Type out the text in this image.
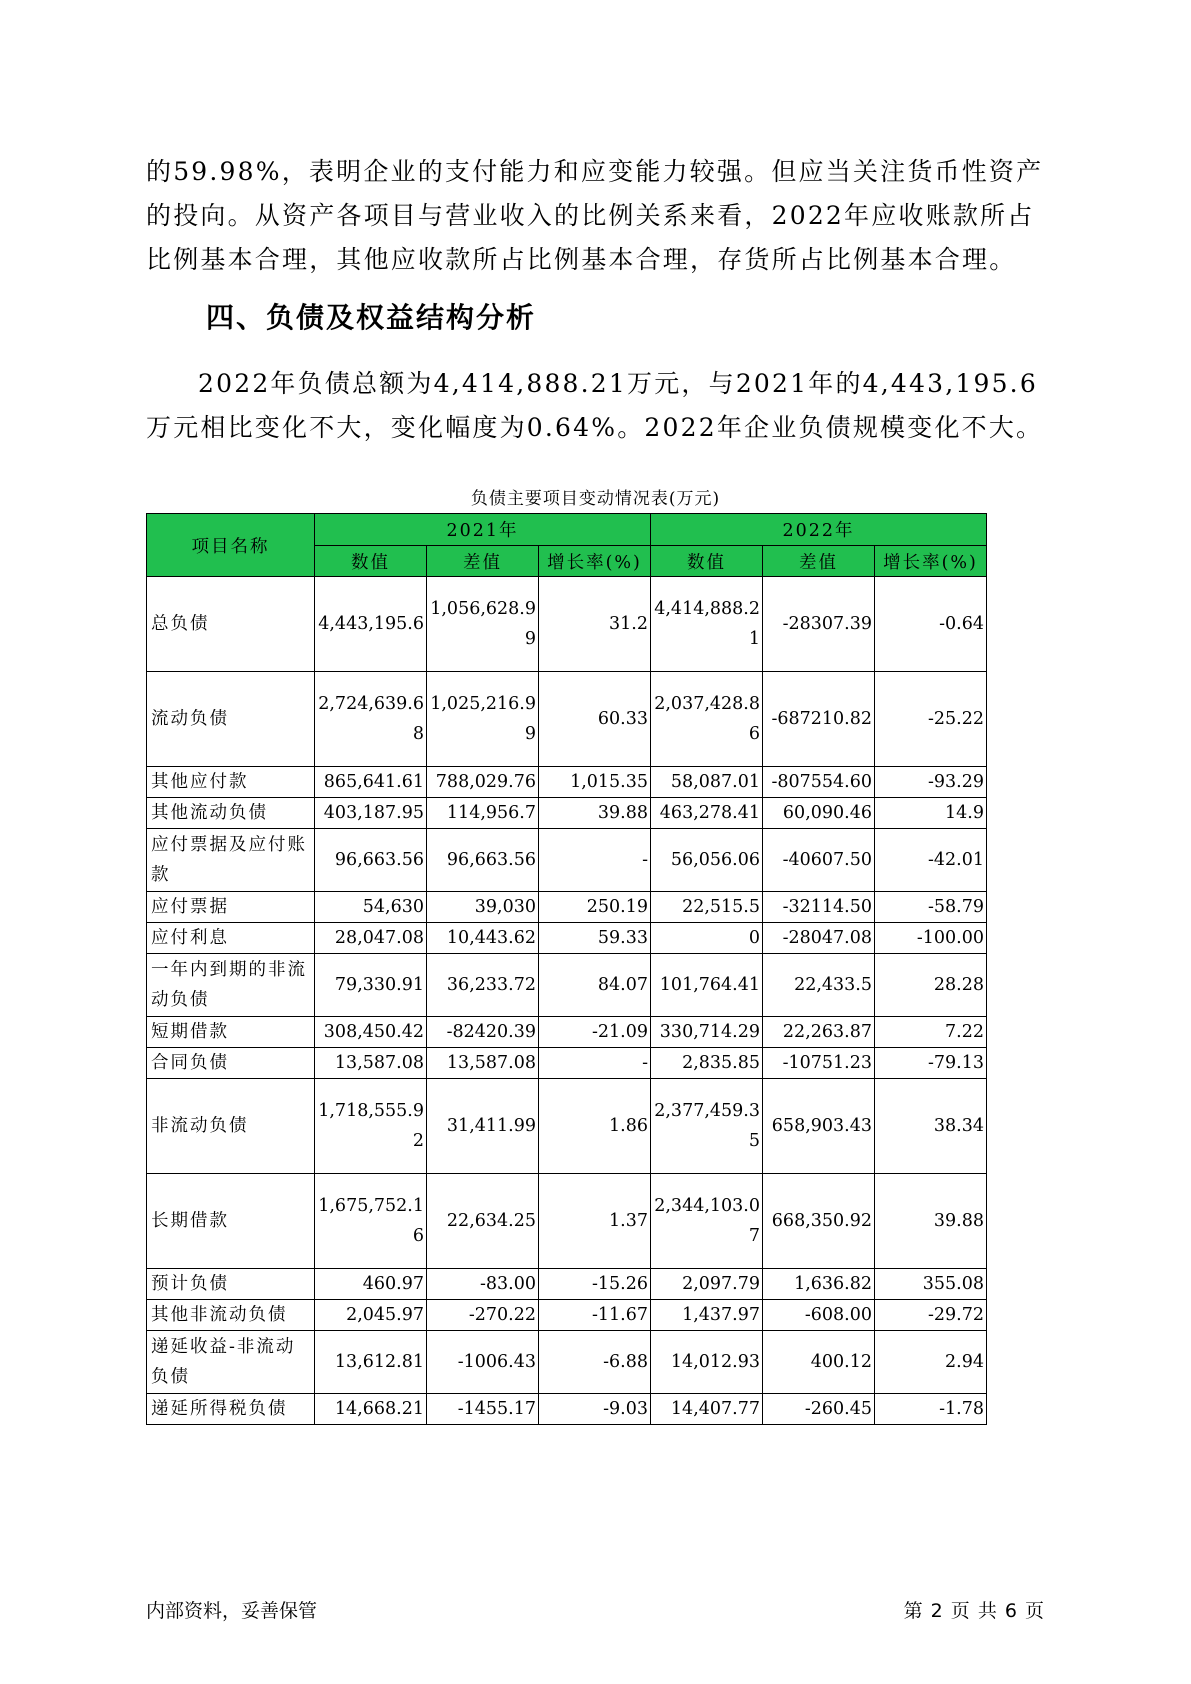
的59.98%，表明企业的支付能力和应变能力较强。但应当关注货币性资产的投向。从资产各项目与营业收入的比例关系来看，2022年应收账款所占比例基本合理，其他应收款所占比例基本合理，存货所占比例基本合理。

四、负债及权益结构分析

2022年负债总额为4,414,888.21万元，与2021年的4,443,195.6万元相比变化不大，变化幅度为0.64%。2022年企业负债规模变化不大。

负债主要项目变动情况表(万元)
项目名称	2021年			2022年		
	数值	差值	增长率(%)	数值	差值	增长率(%)
总负债	4,443,195.6	1,056,628.99	31.2	4,414,888.21	-28307.39	-0.64
流动负债	2,724,639.68	1,025,216.99	60.33	2,037,428.86	-687210.82	-25.22
其他应付款	865,641.61	788,029.76	1,015.35	58,087.01	-807554.60	-93.29
其他流动负债	403,187.95	114,956.7	39.88	463,278.41	60,090.46	14.9
应付票据及应付账款	96,663.56	96,663.56	-	56,056.06	-40607.50	-42.01
应付票据	54,630	39,030	250.19	22,515.5	-32114.50	-58.79
应付利息	28,047.08	10,443.62	59.33	0	-28047.08	-100.00
一年内到期的非流动负债	79,330.91	36,233.72	84.07	101,764.41	22,433.5	28.28
短期借款	308,450.42	-82420.39	-21.09	330,714.29	22,263.87	7.22
合同负债	13,587.08	13,587.08	-	2,835.85	-10751.23	-79.13
非流动负债	1,718,555.92	31,411.99	1.86	2,377,459.35	658,903.43	38.34
长期借款	1,675,752.16	22,634.25	1.37	2,344,103.07	668,350.92	39.88
预计负债	460.97	-83.00	-15.26	2,097.79	1,636.82	355.08
其他非流动负债	2,045.97	-270.22	-11.67	1,437.97	-608.00	-29.72
递延收益-非流动负债	13,612.81	-1006.43	-6.88	14,012.93	400.12	2.94
递延所得税负债	14,668.21	-1455.17	-9.03	14,407.77	-260.45	-1.78
内部资料，妥善保管	第 2 页 共 6 页
